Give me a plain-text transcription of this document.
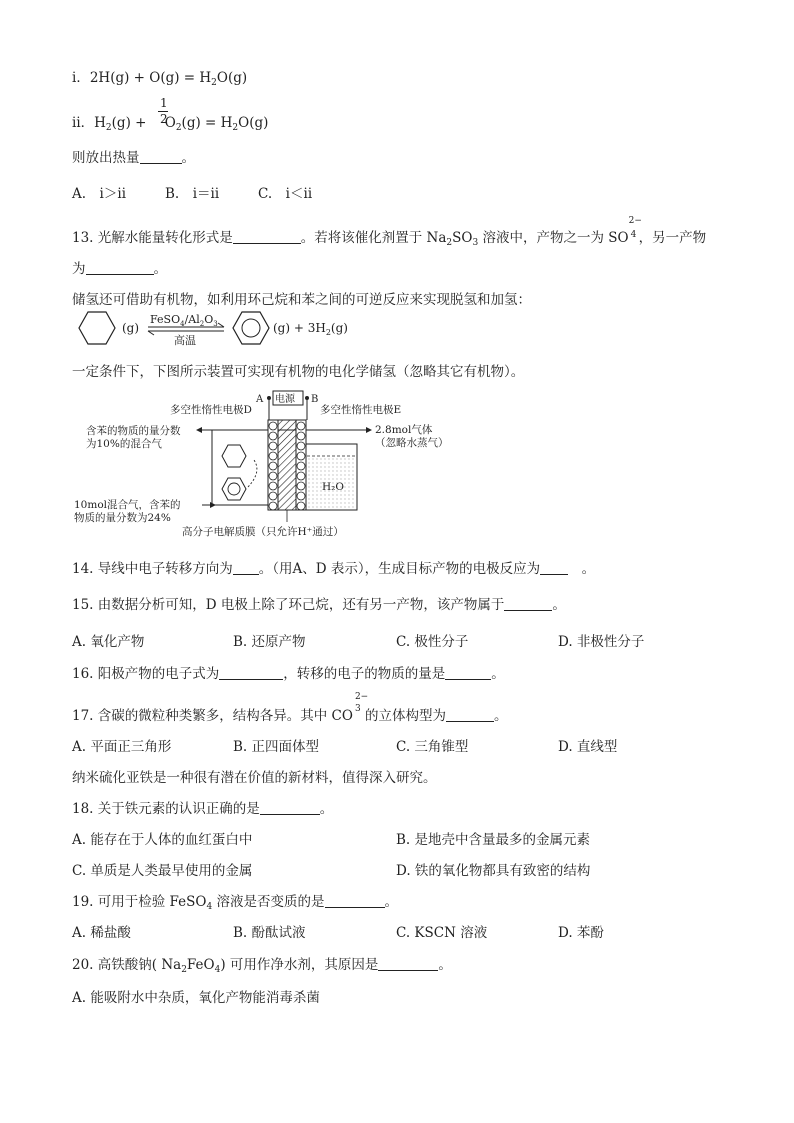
ⅰ．$2H(g) + O(g) = H_2O(g)$
ⅱ．$H_2(g) + O_2(g) = H_2O(g)$
1
2
则放出热量	。
A.　ⅰ＞ⅱ	B.　ⅰ＝ⅱ	C.　ⅰ＜ⅱ
13. 光解水能量转化形式是	。若将该催化剂置于 $Na_2SO_3$ 溶液中，产物之一为 SO
2−
4 ，另一产物
为	。
储氢还可借助有机物，如利用环己烷和苯之间的可逆反应来实现脱氢和加氢：
(g)
$FeSO_4/Al_2O_3$
高温
$(g) + 3H_2(g)$
一定条件下，下图所示装置可实现有机物的电化学储氢（忽略其它有机物）。
A 电源 B
多空性惰性电极D	多空性惰性电极E
H₂O
含苯的物质的量分数
为10%的混合气
2.8mol气体
（忽略水蒸气）
10mol混合气，含苯的
物质的量分数为24%
高分子电解质膜（只允许H⁺通过）
14. 导线中电子转移方向为 。（用A、D 表示），生成目标产物的电极反应为　。
15. 由数据分析可知，D 电极上除了环己烷，还有另一产物，该产物属于	。
A. 氧化产物	B. 还原产物	C. 极性分子	D. 非极性分子
16. 阳极产物的电子式为	，转移的电子的物质的量是	。
17. 含碳的微粒种类繁多，结构各异。其中 CO
2−
3 的立体构型为	。
A. 平面正三角形	B. 正四面体型	C. 三角锥型	D. 直线型
纳米硫化亚铁是一种很有潜在价值的新材料，值得深入研究。
18. 关于铁元素的认识正确的是	。
A. 能存在于人体的血红蛋白中	B. 是地壳中含量最多的金属元素
C. 单质是人类最早使用的金属	D. 铁的氧化物都具有致密的结构
19. 可用于检验 FeSO$_4$ 溶液是否变质的是	。
A. 稀盐酸	B. 酚酞试液	C. KSCN 溶液	D. 苯酚
20. 高铁酸钠( $Na_2FeO_4$) 可用作净水剂，其原因是	。
A. 能吸附水中杂质，氧化产物能消毒杀菌
